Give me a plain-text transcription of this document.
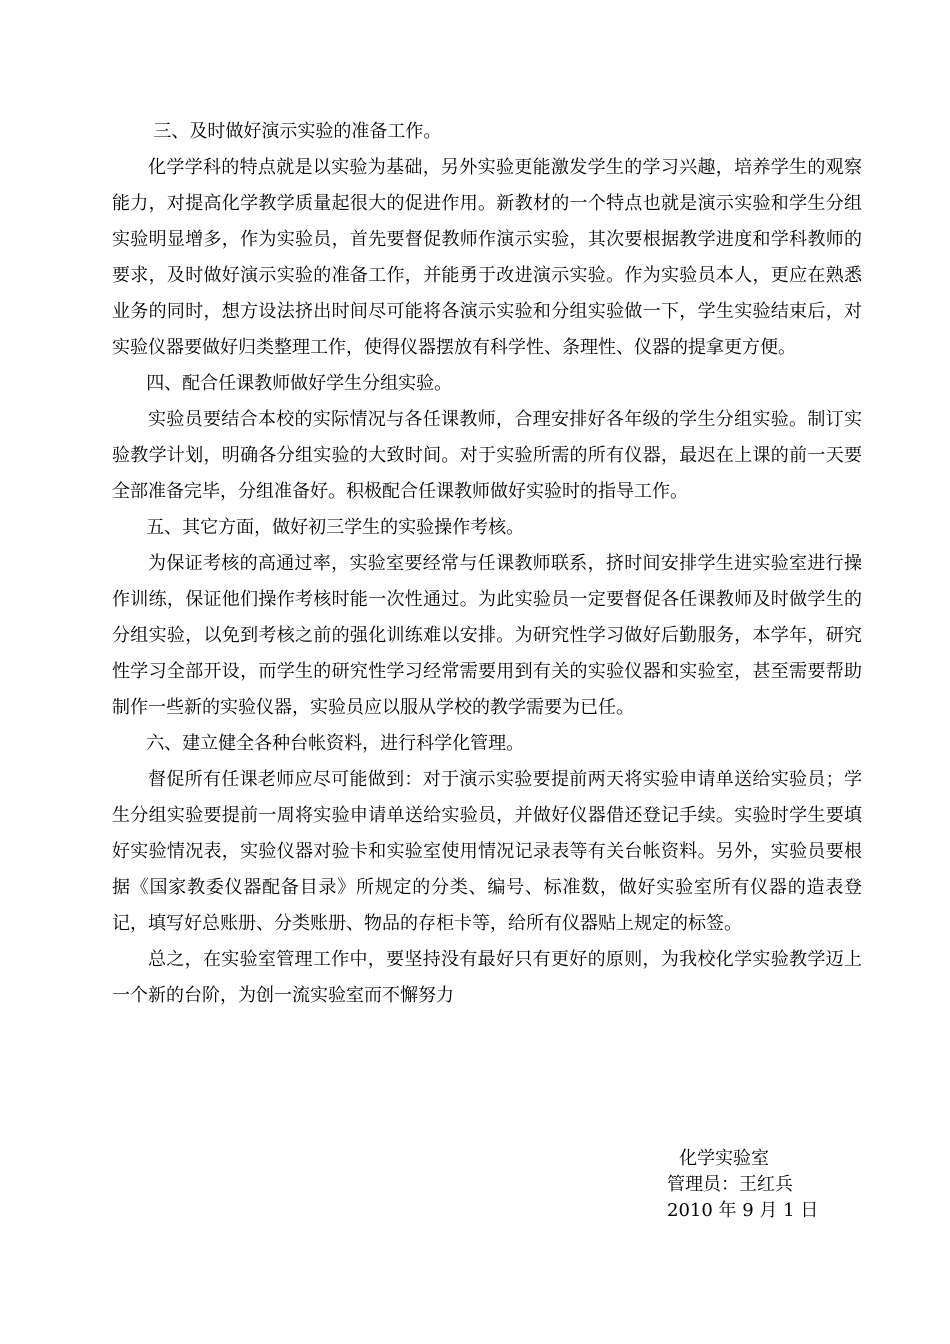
三、及时做好演示实验的准备工作。

化学学科的特点就是以实验为基础，另外实验更能激发学生的学习兴趣，培养学生的观察能力，对提高化学教学质量起很大的促进作用。新教材的一个特点也就是演示实验和学生分组实验明显增多，作为实验员，首先要督促教师作演示实验，其次要根据教学进度和学科教师的要求，及时做好演示实验的准备工作，并能勇于改进演示实验。作为实验员本人，更应在熟悉业务的同时，想方设法挤出时间尽可能将各演示实验和分组实验做一下，学生实验结束后，对实验仪器要做好归类整理工作，使得仪器摆放有科学性、条理性、仪器的提拿更方便。

四、配合任课教师做好学生分组实验。

实验员要结合本校的实际情况与各任课教师，合理安排好各年级的学生分组实验。制订实验教学计划，明确各分组实验的大致时间。对于实验所需的所有仪器，最迟在上课的前一天要全部准备完毕，分组准备好。积极配合任课教师做好实验时的指导工作。

五、其它方面，做好初三学生的实验操作考核。

为保证考核的高通过率，实验室要经常与任课教师联系，挤时间安排学生进实验室进行操作训练，保证他们操作考核时能一次性通过。为此实验员一定要督促各任课教师及时做学生的分组实验，以免到考核之前的强化训练难以安排。为研究性学习做好后勤服务，本学年，研究性学习全部开设，而学生的研究性学习经常需要用到有关的实验仪器和实验室，甚至需要帮助制作一些新的实验仪器，实验员应以服从学校的教学需要为已任。

六、建立健全各种台帐资料，进行科学化管理。

督促所有任课老师应尽可能做到：对于演示实验要提前两天将实验申请单送给实验员；学生分组实验要提前一周将实验申请单送给实验员，并做好仪器借还登记手续。实验时学生要填好实验情况表，实验仪器对验卡和实验室使用情况记录表等有关台帐资料。另外，实验员要根据《国家教委仪器配备目录》所规定的分类、编号、标准数，做好实验室所有仪器的造表登记，填写好总账册、分类账册、物品的存柜卡等，给所有仪器贴上规定的标签。

总之，在实验室管理工作中，要坚持没有最好只有更好的原则，为我校化学实验教学迈上一个新的台阶，为创一流实验室而不懈努力

化学实验室
管理员：王红兵
2010 年 9 月 1 日
